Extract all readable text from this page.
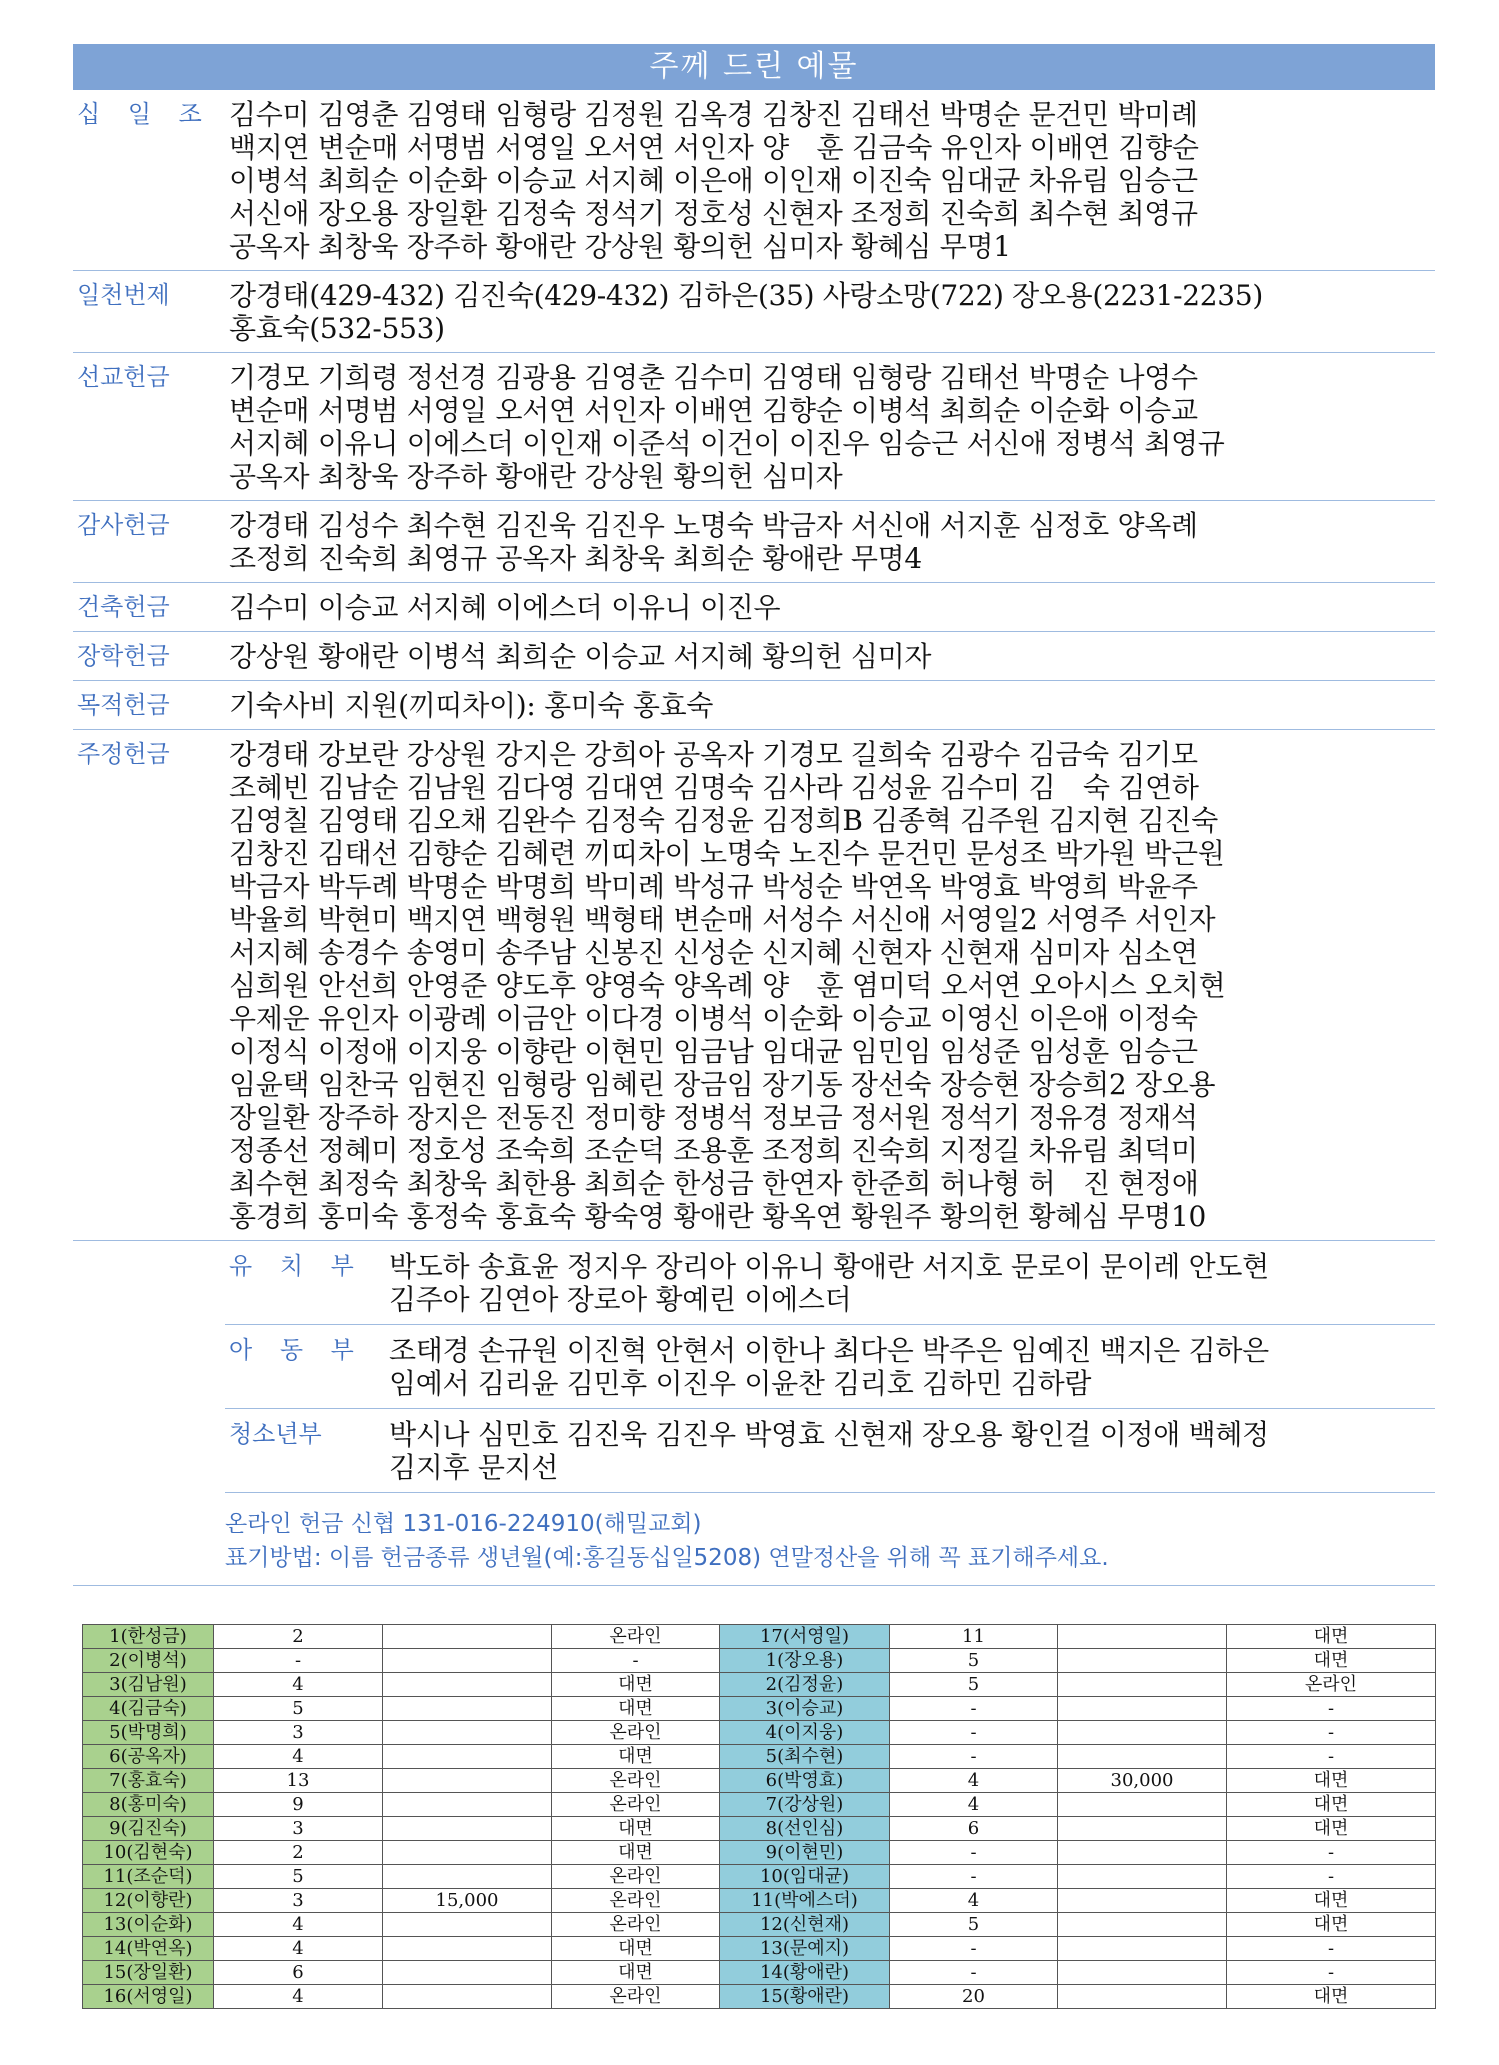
주께 드린 예물
십 일 조 김수미 김영춘 김영태 임형랑 김정원 김옥경 김창진 김태선 박명순 문건민 박미례
백지연 변순매 서명범 서영일 오서연 서인자 양　훈 김금숙 유인자 이배연 김향순
이병석 최희순 이순화 이승교 서지혜 이은애 이인재 이진숙 임대균 차유림 임승근
서신애 장오용 장일환 김정숙 정석기 정호성 신현자 조정희 진숙희 최수현 최영규
공옥자 최창욱 장주하 황애란 강상원 황의헌 심미자 황혜심 무명1
일천번제	강경태(429-432) 김진숙(429-432) 김하은(35) 사랑소망(722) 장오용(2231-2235)
홍효숙(532-553)
선교헌금	기경모 기희령 정선경 김광용 김영춘 김수미 김영태 임형랑 김태선 박명순 나영수
변순매 서명범 서영일 오서연 서인자 이배연 김향순 이병석 최희순 이순화 이승교
서지혜 이유니 이에스더 이인재 이준석 이건이 이진우 임승근 서신애 정병석 최영규
공옥자 최창욱 장주하 황애란 강상원 황의헌 심미자
감사헌금	강경태 김성수 최수현 김진욱 김진우 노명숙 박금자 서신애 서지훈 심정호 양옥례
조정희 진숙희 최영규 공옥자 최창욱 최희순 황애란 무명4
건축헌금	김수미 이승교 서지혜 이에스더 이유니 이진우
장학헌금	강상원 황애란 이병석 최희순 이승교 서지혜 황의헌 심미자
목적헌금	기숙사비 지원(끼띠차이): 홍미숙 홍효숙
주정헌금	강경태 강보란 강상원 강지은 강희아 공옥자 기경모 길희숙 김광수 김금숙 김기모
조혜빈 김남순 김남원 김다영 김대연 김명숙 김사라 김성윤 김수미 김　숙 김연하
김영칠 김영태 김오채 김완수 김정숙 김정윤 김정희B 김종혁 김주원 김지현 김진숙
김창진 김태선 김향순 김혜련 끼띠차이 노명숙 노진수 문건민 문성조 박가원 박근원
박금자 박두례 박명순 박명희 박미례 박성규 박성순 박연옥 박영효 박영희 박윤주
박율희 박현미 백지연 백형원 백형태 변순매 서성수 서신애 서영일2 서영주 서인자
서지혜 송경수 송영미 송주남 신봉진 신성순 신지혜 신현자 신현재 심미자 심소연
심희원 안선희 안영준 양도후 양영숙 양옥례 양　훈 염미덕 오서연 오아시스 오치현
우제운 유인자 이광례 이금안 이다경 이병석 이순화 이승교 이영신 이은애 이정숙
이정식 이정애 이지웅 이향란 이현민 임금남 임대균 임민임 임성준 임성훈 임승근
임윤택 임찬국 임현진 임형랑 임혜린 장금임 장기동 장선숙 장승현 장승희2 장오용
장일환 장주하 장지은 전동진 정미향 정병석 정보금 정서원 정석기 정유경 정재석
정종선 정혜미 정호성 조숙희 조순덕 조용훈 조정희 진숙희 지정길 차유림 최덕미
최수현 최정숙 최창욱 최한용 최희순 한성금 한연자 한준희 허나형 허　진 현정애
홍경희 홍미숙 홍정숙 홍효숙 황숙영 황애란 황옥연 황원주 황의헌 황혜심 무명10
유 치 부 박도하 송효윤 정지우 장리아 이유니 황애란 서지호 문로이 문이레 안도현
김주아 김연아 장로아 황예린 이에스더
아 동 부 조태경 손규원 이진혁 안현서 이한나 최다은 박주은 임예진 백지은 김하은
임예서 김리윤 김민후 이진우 이윤찬 김리호 김하민 김하람
청소년부	박시나 심민호 김진욱 김진우 박영효 신현재 장오용 황인걸 이정애 백혜정
김지후 문지선
온라인 헌금 신협 131-016-224910(해밀교회)
표기방법: 이름 헌금종류 생년월(예:홍길동십일5208) 연말정산을 위해 꼭 표기해주세요.
1(한성금)	2		온라인	17(서영일)	11		대면
2(이병석)	-		-	1(장오용)	5		대면
3(김남원)	4		대면	2(김정윤)	5		온라인
4(김금숙)	5		대면	3(이승교)	-		-
5(박명희)	3		온라인	4(이지웅)	-		-
6(공옥자)	4		대면	5(최수현)	-		-
7(홍효숙)	13		온라인	6(박영효)	4	30,000	대면
8(홍미숙)	9		온라인	7(강상원)	4		대면
9(김진숙)	3		대면	8(선인심)	6		대면
10(김현숙)	2		대면	9(이현민)	-		-
11(조순덕)	5		온라인	10(임대균)	-		-
12(이향란)	3	15,000	온라인	11(박에스더)	4		대면
13(이순화)	4		온라인	12(신현재)	5		대면
14(박연옥)	4		대면	13(문예지)	-		-
15(장일환)	6		대면	14(황애란)	-		-
16(서영일)	4		온라인	15(황애란)	20		대면
